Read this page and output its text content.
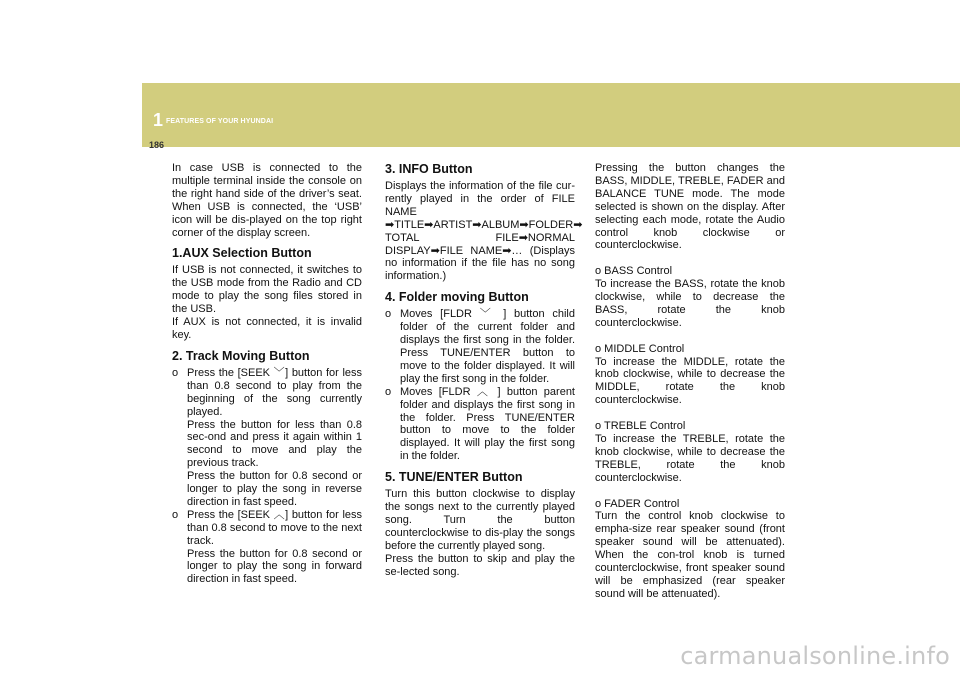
1 FEATURES OF YOUR HYUNDAI
186

In case USB is connected to the multiple terminal inside the console on the right hand side of the driver’s seat. When USB is connected, the ‘USB’ icon will be dis-played on the top right corner of the display screen.

1.AUX Selection Button

If USB is not connected, it switches to the USB mode from the Radio and CD mode to play the song files stored in the USB.

If AUX is not connected, it is invalid key.

2. Track Moving Button
o Press the [SEEK ﹀] button for less than 0.8 second to play from the beginning of the song currently played.

Press the button for less than 0.8 sec-ond and press it again within 1 second to move and play the previous track.

Press the button for 0.8 second or longer to play the song in reverse direction in fast speed.

o Press the [SEEK ︿] button for less than 0.8 second to move to the next track.

Press the button for 0.8 second or longer to play the song in forward direction in fast speed.

3. INFO Button

Displays the information of the file cur-rently played in the order of FILE NAME ➡TITLE➡ARTIST➡ALBUM➡FOLDER➡ TOTAL FILE➡NORMAL DISPLAY➡FILE NAME➡… (Displays no information if the file has no song information.)

4. Folder moving Button
o Moves [FLDR ﹀ ] button child folder of the current folder and displays the first song in the folder. Press TUNE/ENTER button to move to the folder displayed. It will play the first song in the folder.

o Moves [FLDR ︿ ] button parent folder and displays the first song in the folder. Press TUNE/ENTER button to move to the folder displayed. It will play the first song in the folder.

5. TUNE/ENTER Button

Turn this button clockwise to display the songs next to the currently played song. Turn the button counterclockwise to dis-play the songs before the currently played song.

Press the button to skip and play the se-lected song.

Pressing the button changes the BASS, MIDDLE, TREBLE, FADER and BALANCE TUNE mode. The mode selected is shown on the display. After selecting each mode, rotate the Audio control knob clockwise or counterclockwise.

o BASS Control

To increase the BASS, rotate the knob clockwise, while to decrease the BASS, rotate the knob counterclockwise.

o MIDDLE Control

To increase the MIDDLE, rotate the knob clockwise, while to decrease the MIDDLE, rotate the knob counterclockwise.

o TREBLE Control

To increase the TREBLE, rotate the knob clockwise, while to decrease the TREBLE, rotate the knob counterclockwise.

o FADER Control

Turn the control knob clockwise to empha-size rear speaker sound (front speaker sound will be attenuated). When the con-trol knob is turned counterclockwise, front speaker sound will be emphasized (rear speaker sound will be attenuated).

carmanualsonline.info
